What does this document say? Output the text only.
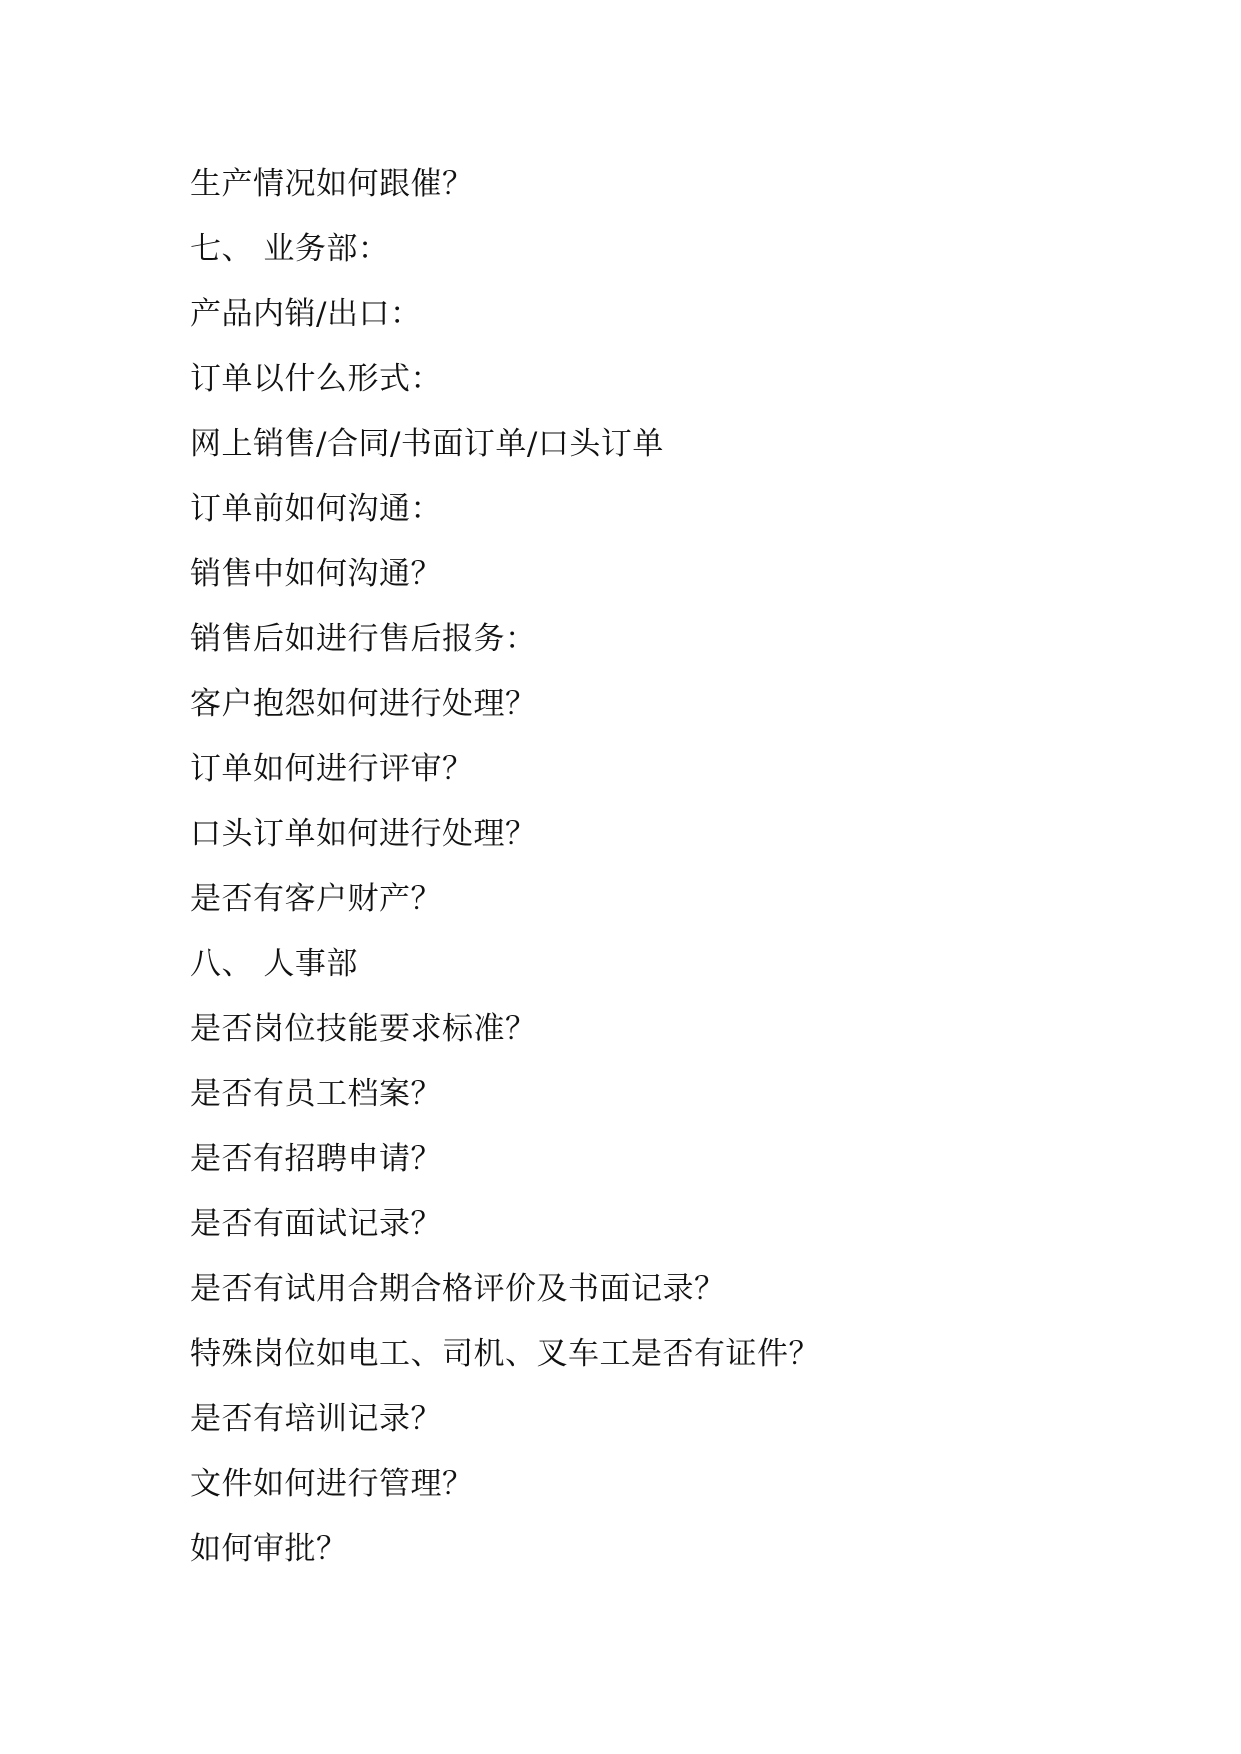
生产情况如何跟催？
七、 业务部：
产品内销/出口：
订单以什么形式：
网上销售/合同/书面订单/口头订单
订单前如何沟通：
销售中如何沟通？
销售后如进行售后报务：
客户抱怨如何进行处理？
订单如何进行评审？
口头订单如何进行处理？
是否有客户财产？
八、 人事部
是否岗位技能要求标准？
是否有员工档案？
是否有招聘申请？
是否有面试记录？
是否有试用合期合格评价及书面记录？
特殊岗位如电工、司机、叉车工是否有证件？
是否有培训记录？
文件如何进行管理？
如何审批？
